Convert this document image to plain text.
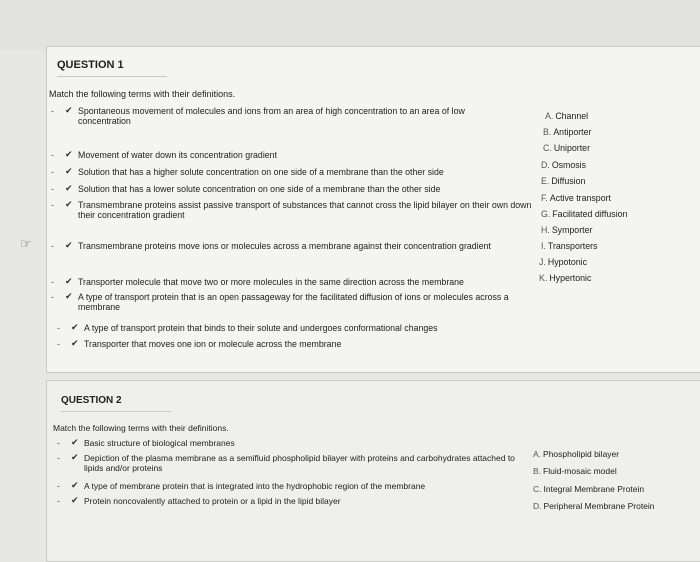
☞
QUESTION 1
Match the following terms with their definitions.
- ✔ Spontaneous movement of molecules and ions from an area of high concentration to an area of low concentration
- ✔ Movement of water down its concentration gradient
- ✔ Solution that has a higher solute concentration on one side of a membrane than the other side
- ✔ Solution that has a lower solute concentration on one side of a membrane than the other side
- ✔ Transmembrane proteins assist passive transport of substances that cannot cross the lipid bilayer on their own down their concentration gradient
- ✔ Transmembrane proteins move ions or molecules across a membrane against their concentration gradient
- ✔ Transporter molecule that move two or more molecules in the same direction across the membrane
- ✔ A type of transport protein that is an open passageway for the facilitated diffusion of ions or molecules across a membrane
- ✔ A type of transport protein that binds to their solute and undergoes conformational changes
- ✔ Transporter that moves one ion or molecule across the membrane
A. Channel
B. Antiporter
C. Uniporter
D. Osmosis
E. Diffusion
F. Active transport
G. Facilitated diffusion
H. Symporter
I. Transporters
J. Hypotonic
K. Hypertonic
QUESTION 2
Match the following terms with their definitions.
- ✔ Basic structure of biological membranes
- ✔ Depiction of the plasma membrane as a semifluid phospholipid bilayer with proteins and carbohydrates attached to lipids and/or proteins
- ✔ A type of membrane protein that is integrated into the hydrophobic region of the membrane
- ✔ Protein noncovalently attached to protein or a lipid in the lipid bilayer
A. Phospholipid bilayer
B. Fluid-mosaic model
C. Integral Membrane Protein
D. Peripheral Membrane Protein
